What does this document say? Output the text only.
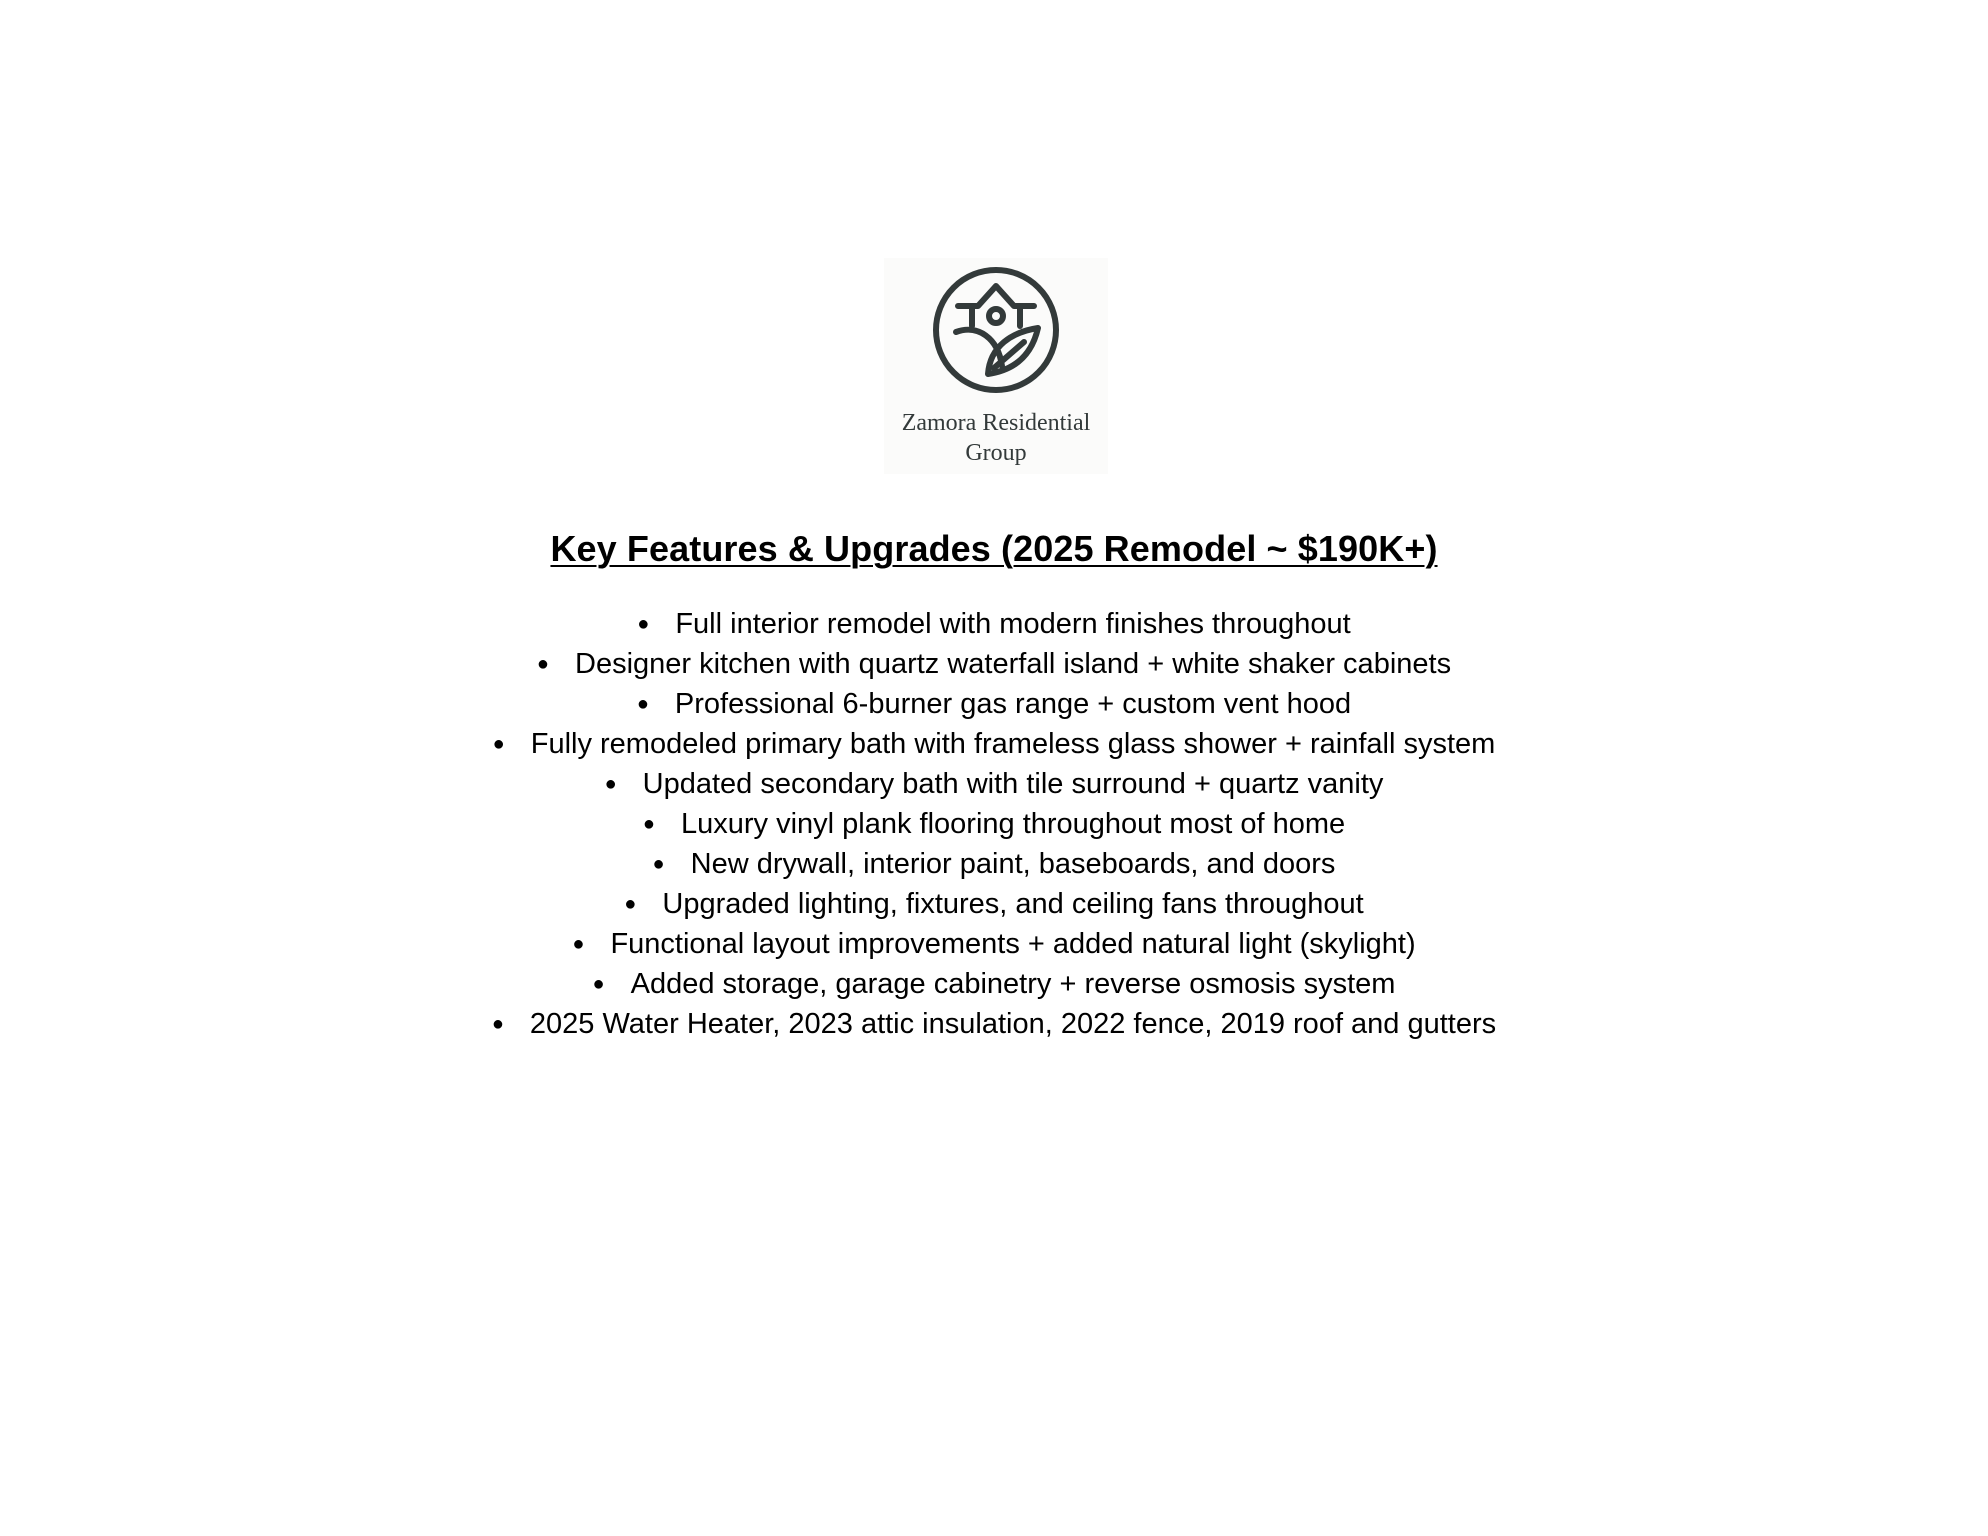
Zamora Residential
Group
Key Features & Upgrades (2025 Remodel ~ $190K+)
● Full interior remodel with modern finishes throughout
● Designer kitchen with quartz waterfall island + white shaker cabinets
● Professional 6-burner gas range + custom vent hood
● Fully remodeled primary bath with frameless glass shower + rainfall system
● Updated secondary bath with tile surround + quartz vanity
● Luxury vinyl plank flooring throughout most of home
● New drywall, interior paint, baseboards, and doors
● Upgraded lighting, fixtures, and ceiling fans throughout
● Functional layout improvements + added natural light (skylight)
● Added storage, garage cabinetry + reverse osmosis system
● 2025 Water Heater, 2023 attic insulation, 2022 fence, 2019 roof and gutters
